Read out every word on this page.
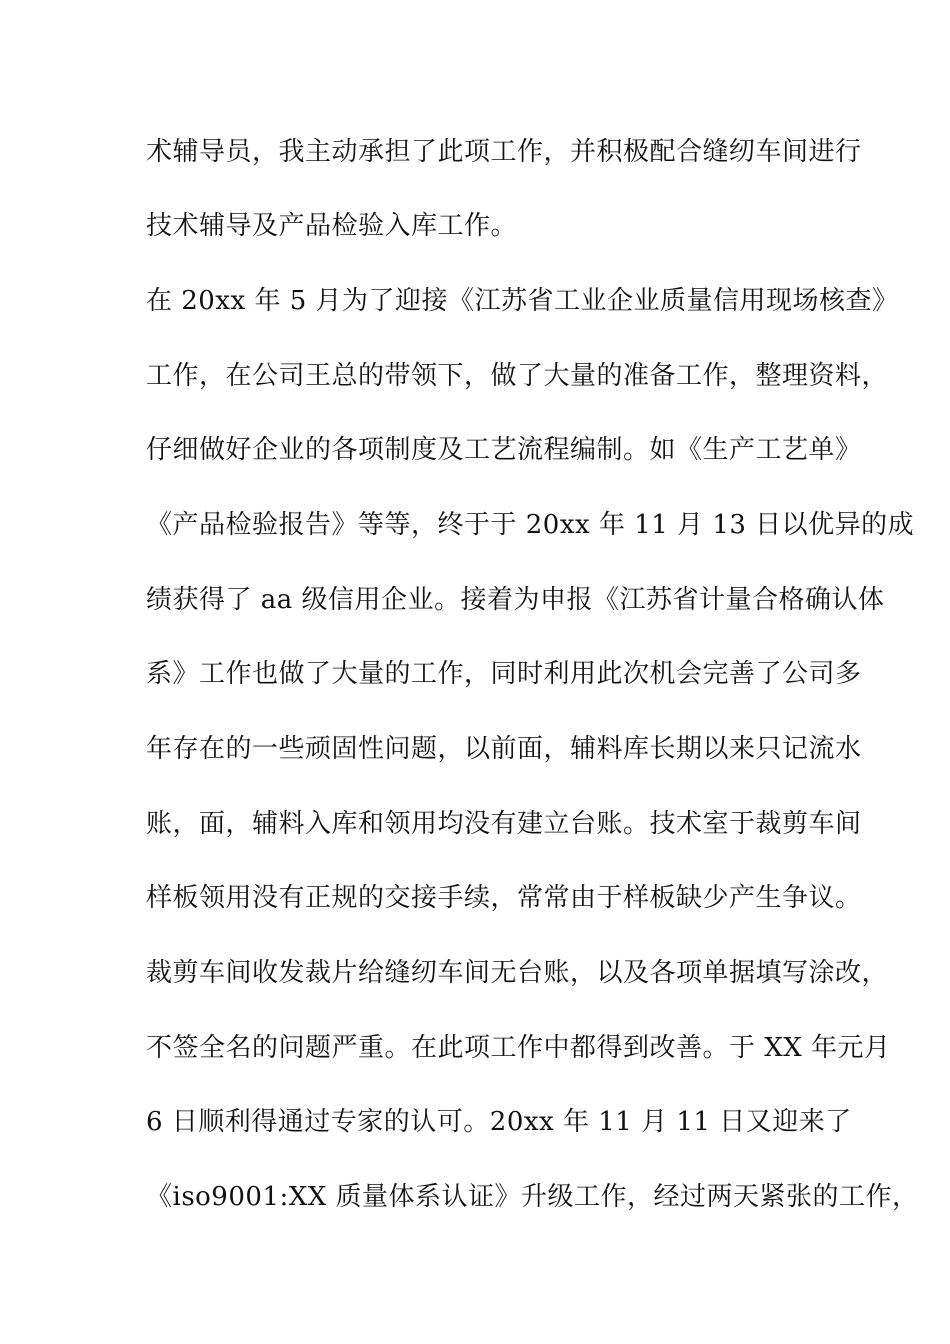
术辅导员，我主动承担了此项工作，并积极配合缝纫车间进行
技术辅导及产品检验入库工作。
在 20xx 年 5 月为了迎接《江苏省工业企业质量信用现场核查》
工作，在公司王总的带领下，做了大量的准备工作，整理资料，
仔细做好企业的各项制度及工艺流程编制。如《生产工艺单》
《产品检验报告》等等，终于于 20xx 年 11 月 13 日以优异的成
绩获得了 aa 级信用企业。接着为申报《江苏省计量合格确认体
系》工作也做了大量的工作，同时利用此次机会完善了公司多
年存在的一些顽固性问题，以前面，辅料库长期以来只记流水
账，面，辅料入库和领用均没有建立台账。技术室于裁剪车间
样板领用没有正规的交接手续，常常由于样板缺少产生争议。
裁剪车间收发裁片给缝纫车间无台账，以及各项单据填写涂改，
不签全名的问题严重。在此项工作中都得到改善。于 XX 年元月
6 日顺利得通过专家的认可。20xx 年 11 月 11 日又迎来了
《iso9001:XX 质量体系认证》升级工作，经过两天紧张的工作，
